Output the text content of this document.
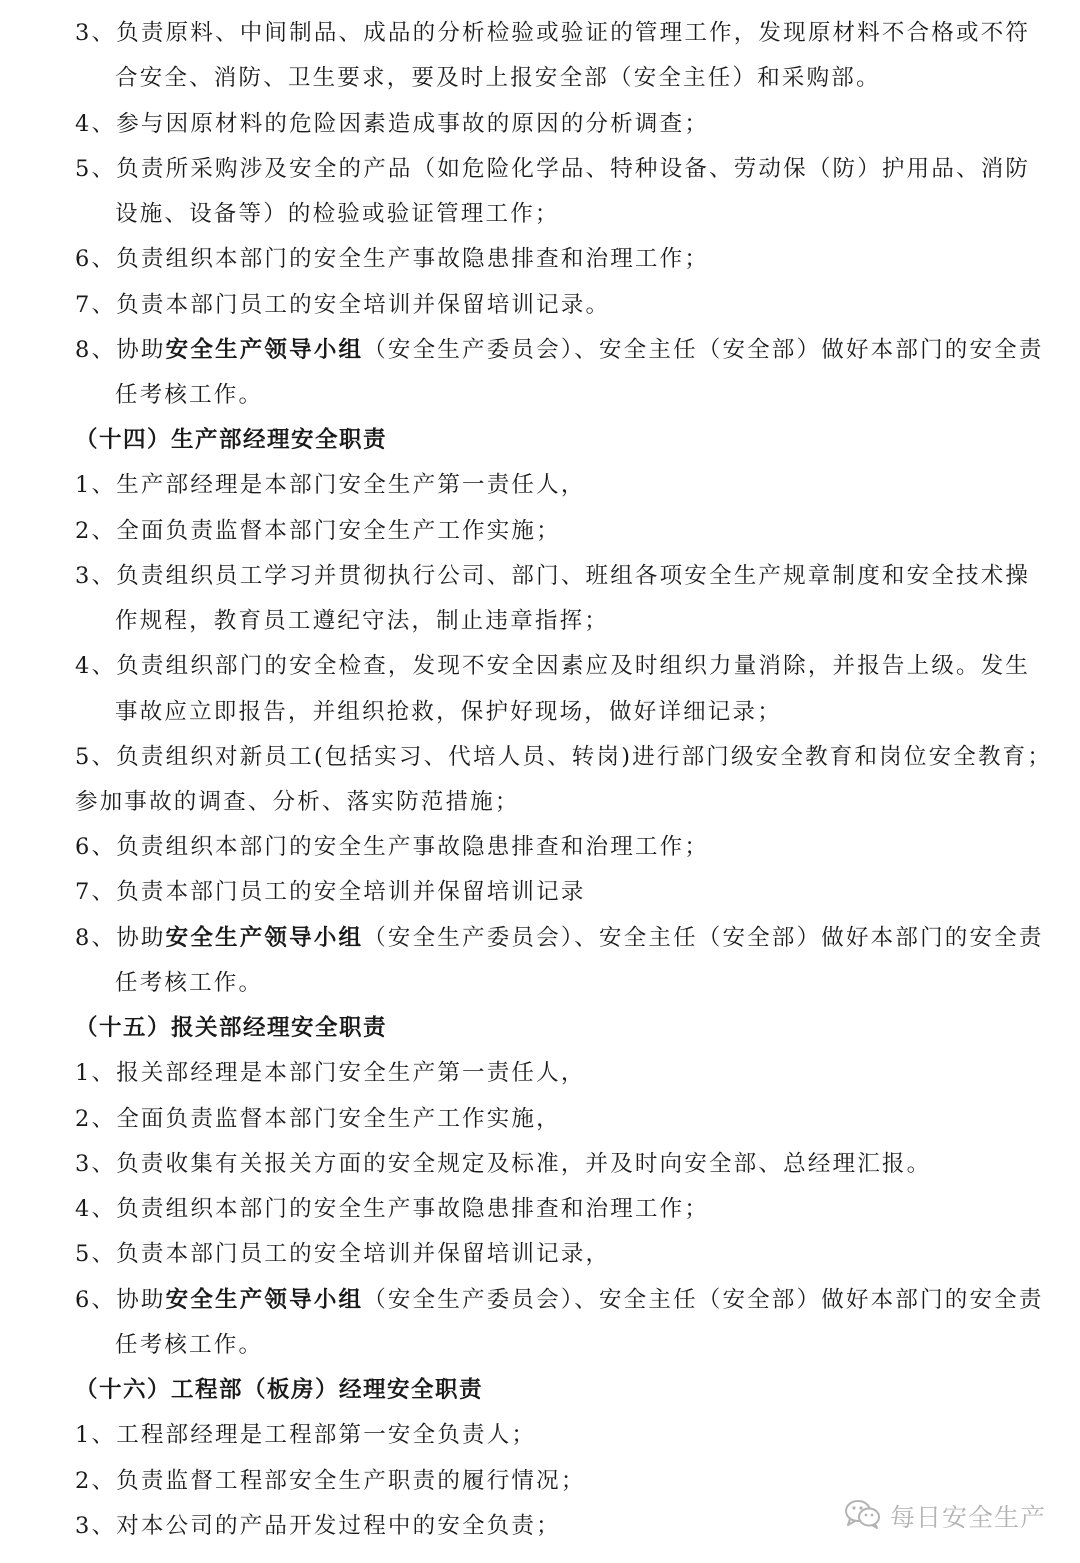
3、负责原料、中间制品、成品的分析检验或验证的管理工作，发现原材料不合格或不符
合安全、消防、卫生要求，要及时上报安全部（安全主任）和采购部。
4、参与因原材料的危险因素造成事故的原因的分析调查；
5、负责所采购涉及安全的产品（如危险化学品、特种设备、劳动保（防）护用品、消防
设施、设备等）的检验或验证管理工作；
6、负责组织本部门的安全生产事故隐患排查和治理工作；
7、负责本部门员工的安全培训并保留培训记录。
8、协助安全生产领导小组（安全生产委员会）、安全主任（安全部）做好本部门的安全责
任考核工作。
（十四）生产部经理安全职责
1、生产部经理是本部门安全生产第一责任人，
2、全面负责监督本部门安全生产工作实施；
3、负责组织员工学习并贯彻执行公司、部门、班组各项安全生产规章制度和安全技术操
作规程，教育员工遵纪守法，制止违章指挥；
4、负责组织部门的安全检查，发现不安全因素应及时组织力量消除，并报告上级。发生
事故应立即报告，并组织抢救，保护好现场，做好详细记录；
5、负责组织对新员工(包括实习、代培人员、转岗)进行部门级安全教育和岗位安全教育；
参加事故的调查、分析、落实防范措施；
6、负责组织本部门的安全生产事故隐患排查和治理工作；
7、负责本部门员工的安全培训并保留培训记录
8、协助安全生产领导小组（安全生产委员会）、安全主任（安全部）做好本部门的安全责
任考核工作。
（十五）报关部经理安全职责
1、报关部经理是本部门安全生产第一责任人，
2、全面负责监督本部门安全生产工作实施，
3、负责收集有关报关方面的安全规定及标准，并及时向安全部、总经理汇报。
4、负责组织本部门的安全生产事故隐患排查和治理工作；
5、负责本部门员工的安全培训并保留培训记录，
6、协助安全生产领导小组（安全生产委员会）、安全主任（安全部）做好本部门的安全责
任考核工作。
（十六）工程部（板房）经理安全职责
1、工程部经理是工程部第一安全负责人；
2、负责监督工程部安全生产职责的履行情况；
3、对本公司的产品开发过程中的安全负责；	每日安全生产
